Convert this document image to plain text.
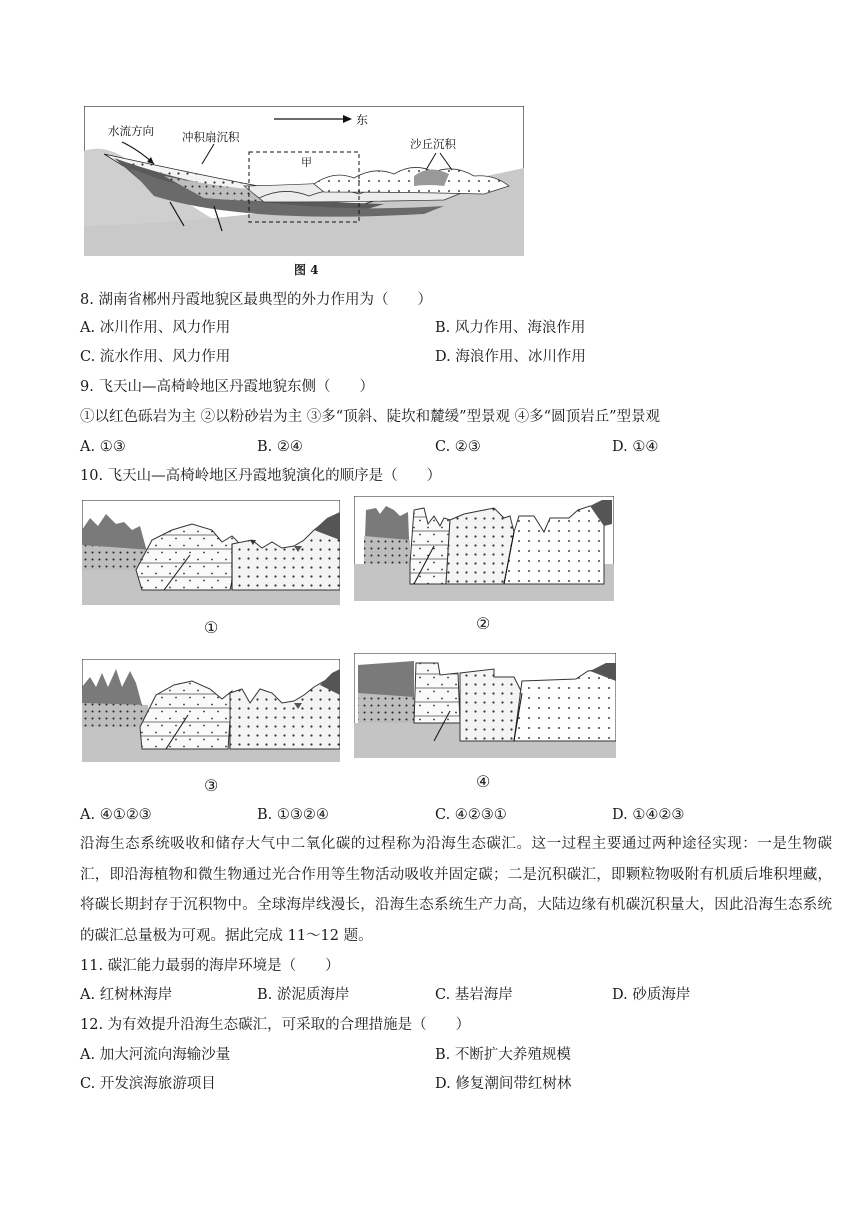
甲
水流方向 冲积扇沉积
东
沙丘沉积
图 4
8. 湖南省郴州丹霞地貌区最典型的外力作用为（　　）
A. 冰川作用、风力作用	B. 风力作用、海浪作用
C. 流水作用、风力作用	D. 海浪作用、冰川作用
9. 飞天山—高椅岭地区丹霞地貌东侧（　　）
①以红色砾岩为主 ②以粉砂岩为主 ③多“顶斜、陡坎和麓缓”型景观 ④多“圆顶岩丘”型景观
A. ①③	B. ②④	C. ②③	D. ①④
10. 飞天山—高椅岭地区丹霞地貌演化的顺序是（　　）
①	②
③	④
A. ④①②③	B. ①③②④	C. ④②③①	D. ①④②③
沿海生态系统吸收和储存大气中二氧化碳的过程称为沿海生态碳汇。这一过程主要通过两种途径实现：一是生物碳汇，即沿海植物和微生物通过光合作用等生物活动吸收并固定碳；二是沉积碳汇，即颗粒物吸附有机质后堆积埋藏，将碳长期封存于沉积物中。全球海岸线漫长，沿海生态系统生产力高，大陆边缘有机碳沉积量大，因此沿海生态系统的碳汇总量极为可观。据此完成 11～12 题。
11. 碳汇能力最弱的海岸环境是（　　）
A. 红树林海岸	B. 淤泥质海岸	C. 基岩海岸	D. 砂质海岸
12. 为有效提升沿海生态碳汇，可采取的合理措施是（　　）
A. 加大河流向海输沙量	B. 不断扩大养殖规模
C. 开发滨海旅游项目	D. 修复潮间带红树林
